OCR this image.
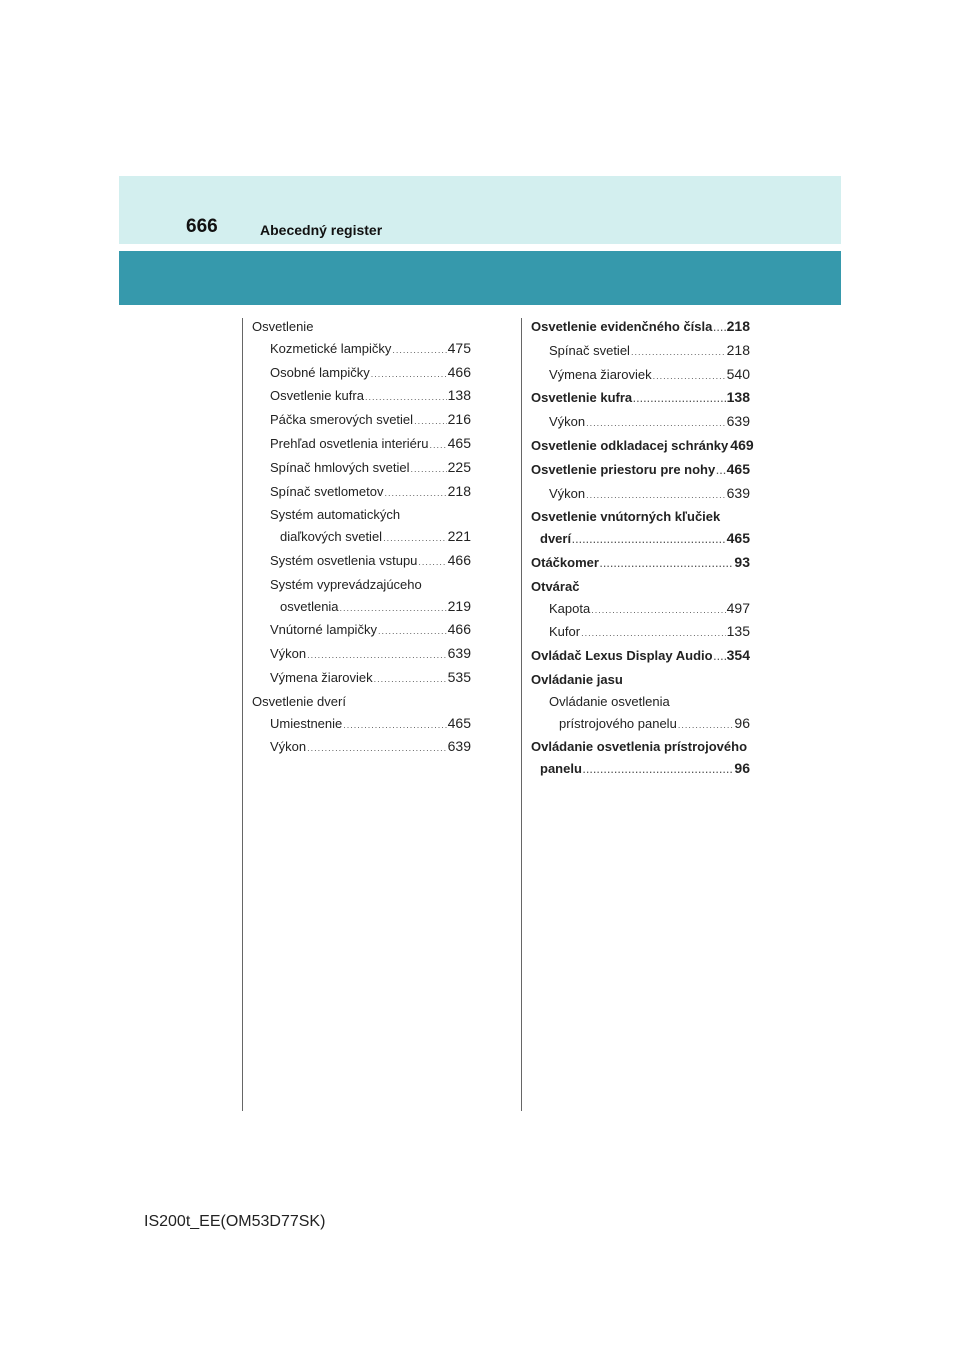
666	Abecedný register
Osvetlenie
Kozmetické lampičky .....	475
Osobné lampičky .....	466
Osvetlenie kufra .....	138
Páčka smerových svetiel ..... 216
Prehľad osvetlenia interiéru ..... 465
Spínač hmlových svetiel .....	225
Spínač svetlometov .....	218
Systém automatických
diaľkových svetiel .....	221
Systém osvetlenia vstupu ..... 466
Systém vyprevádzajúceho
osvetlenia .....	219
Vnútorné lampičky .....	466
Výkon .....	639
Výmena žiaroviek .....	535
Osvetlenie dverí
Umiestnenie .....	465
Výkon .....	639
Osvetlenie evidenčného čísla ..... 218
Spínač svetiel .....	218
Výmena žiaroviek .....	540
Osvetlenie kufra .....	138
Výkon .....	639
Osvetlenie odkladacej schránky 469
Osvetlenie priestoru pre nohy ..... 465
Výkon .....	639
Osvetlenie vnútorných kľučiek
dverí .....	465
Otáčkomer .....	93
Otvárač
Kapota .....	497
Kufor .....	135
Ovládač Lexus Display Audio ..... 354
Ovládanie jasu
Ovládanie osvetlenia
prístrojového panelu .....	96
Ovládanie osvetlenia prístrojového
panelu .....	96
IS200t_EE(OM53D77SK)
